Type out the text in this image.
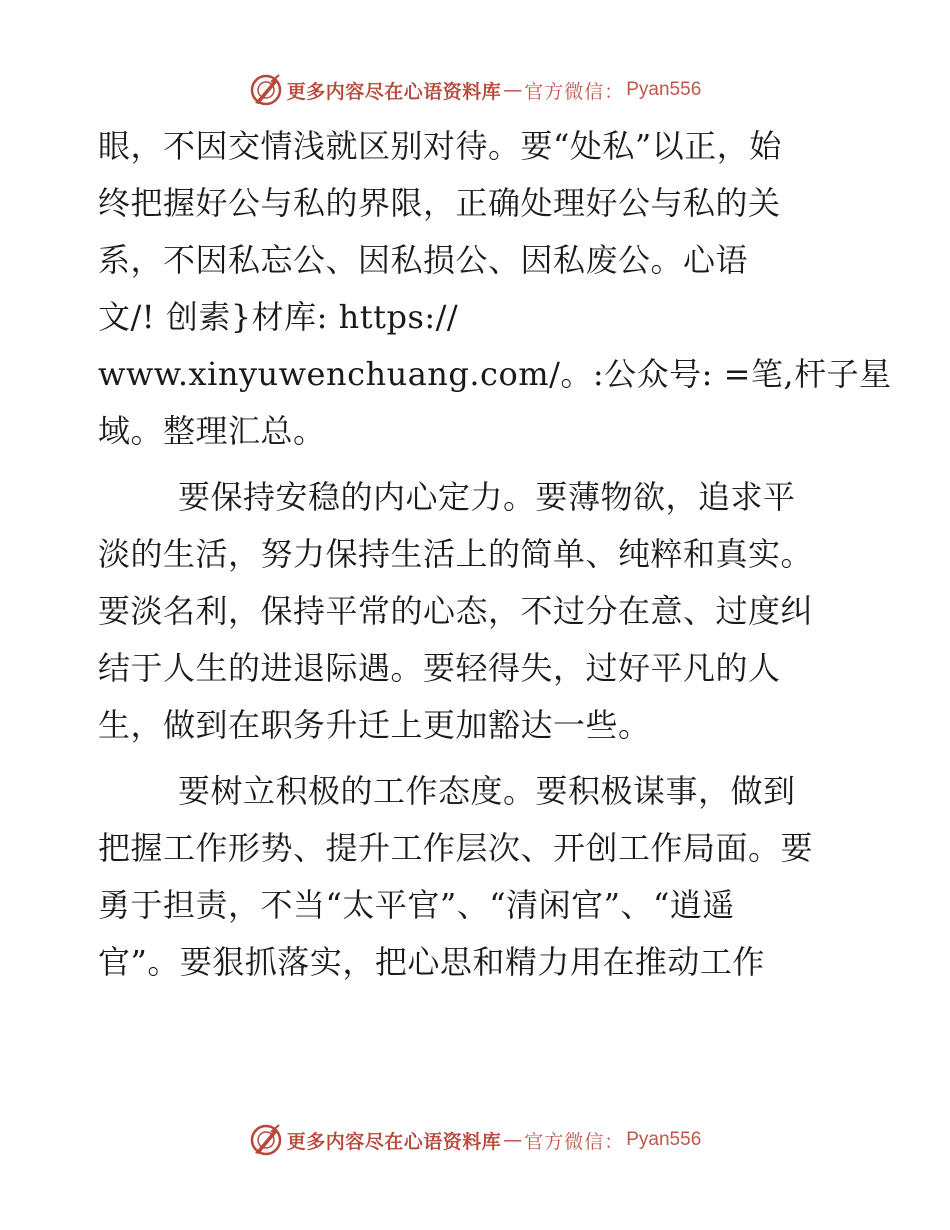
更多内容尽在心语资料库 — 官方微信： Pyan556
眼，不因交情浅就区别对待。要“处私”以正，始
终把握好公与私的界限，正确处理好公与私的关
系，不因私忘公、因私损公、因私废公。心语
文/! 创素}材库: https://
www.xinyuwenchuang.com/。:公众号: =笔,杆子星
域。整理汇总。
要保持安稳的内心定力。要薄物欲，追求平
淡的生活，努力保持生活上的简单、纯粹和真实。
要淡名利，保持平常的心态，不过分在意、过度纠
结于人生的进退际遇。要轻得失，过好平凡的人
生，做到在职务升迁上更加豁达一些。
要树立积极的工作态度。要积极谋事，做到
把握工作形势、提升工作层次、开创工作局面。要
勇于担责，不当“太平官”、“清闲官”、“逍遥
官”。要狠抓落实，把心思和精力用在推动工作
更多内容尽在心语资料库 — 官方微信： Pyan556
